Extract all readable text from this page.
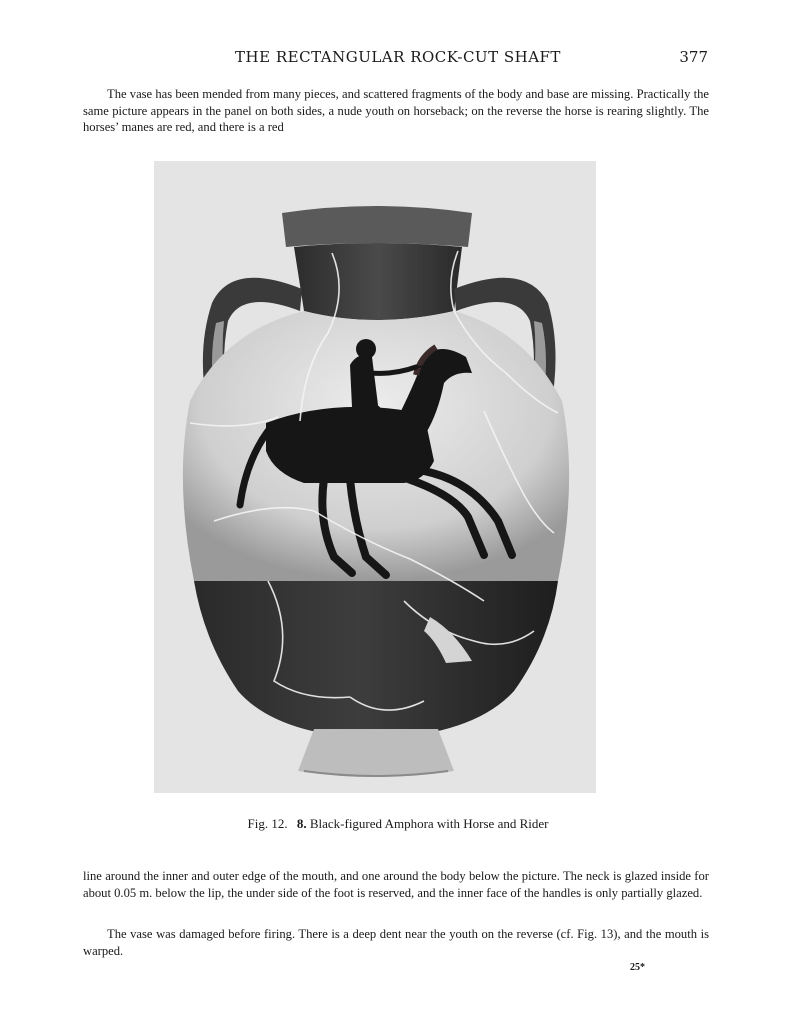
THE RECTANGULAR ROCK-CUT SHAFT	377

The vase has been mended from many pieces, and scattered fragments of the body and base are missing. Practically the same picture appears in the panel on both sides, a nude youth on horseback; on the reverse the horse is rearing slightly. The horses’ manes are red, and there is a red

Fig. 12. 8. Black-figured Amphora with Horse and Rider

line around the inner and outer edge of the mouth, and one around the body below the picture. The neck is glazed inside for about 0.05 m. below the lip, the under side of the foot is reserved, and the inner face of the handles is only partially glazed.

The vase was damaged before firing. There is a deep dent near the youth on the reverse (cf. Fig. 13), and the mouth is warped.

25*
